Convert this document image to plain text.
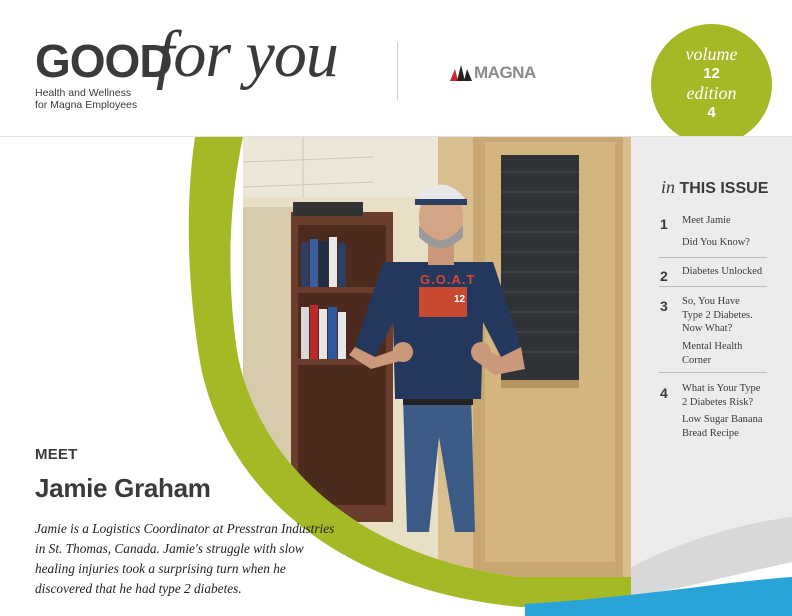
GOOD
for you
Health and Wellness
for Magna Employees
MAGNA
volume
12
edition
4
G.O.A.T
12
MEET
Jamie Graham
Jamie is a Logistics Coordinator at Presstran Industries in St. Thomas, Canada. Jamie's struggle with slow healing injuries took a surprising turn when he discovered that he had type 2 diabetes.
in THIS ISSUE
1 Meet Jamie
Did You Know?
2 Diabetes Unlocked
3 So, You Have Type 2 Diabetes. Now What?
Mental Health Corner
4 What is Your Type 2 Diabetes Risk?
Low Sugar Banana Bread Recipe
